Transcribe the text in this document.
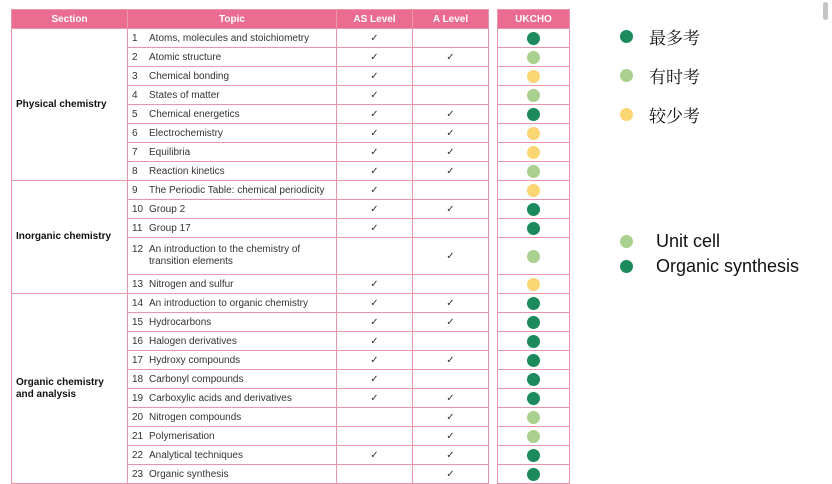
Section	Topic	AS Level	A Level		UKCHO
Physical chemistry	1 Atoms, molecules and stoichiometry	✓			

	2 Atomic structure	✓	✓		

	3 Chemical bonding	✓			

	4 States of matter	✓			

	5 Chemical energetics	✓	✓		

	6 Electrochemistry	✓	✓		

	7 Equilibria	✓	✓		

	8 Reaction kinetics	✓	✓		
Inorganic chemistry	9 The Periodic Table: chemical periodicity	✓			

	10 Group 2	✓	✓		

	11 Group 17	✓			

	12 An introduction to the chemistry of transition elements		✓		

	13 Nitrogen and sulfur	✓			
Organic chemistry and analysis	14 An introduction to organic chemistry	✓	✓		

	15 Hydrocarbons	✓	✓		

	16 Halogen derivatives	✓			

	17 Hydroxy compounds	✓	✓		

	18 Carbonyl compounds	✓			

	19 Carboxylic acids and derivatives	✓	✓		

	20 Nitrogen compounds		✓		

	21 Polymerisation		✓		

	22 Analytical techniques	✓	✓		

	23 Organic synthesis		✓		
最多考
有时考
较少考
Unit cell
Organic synthesis
